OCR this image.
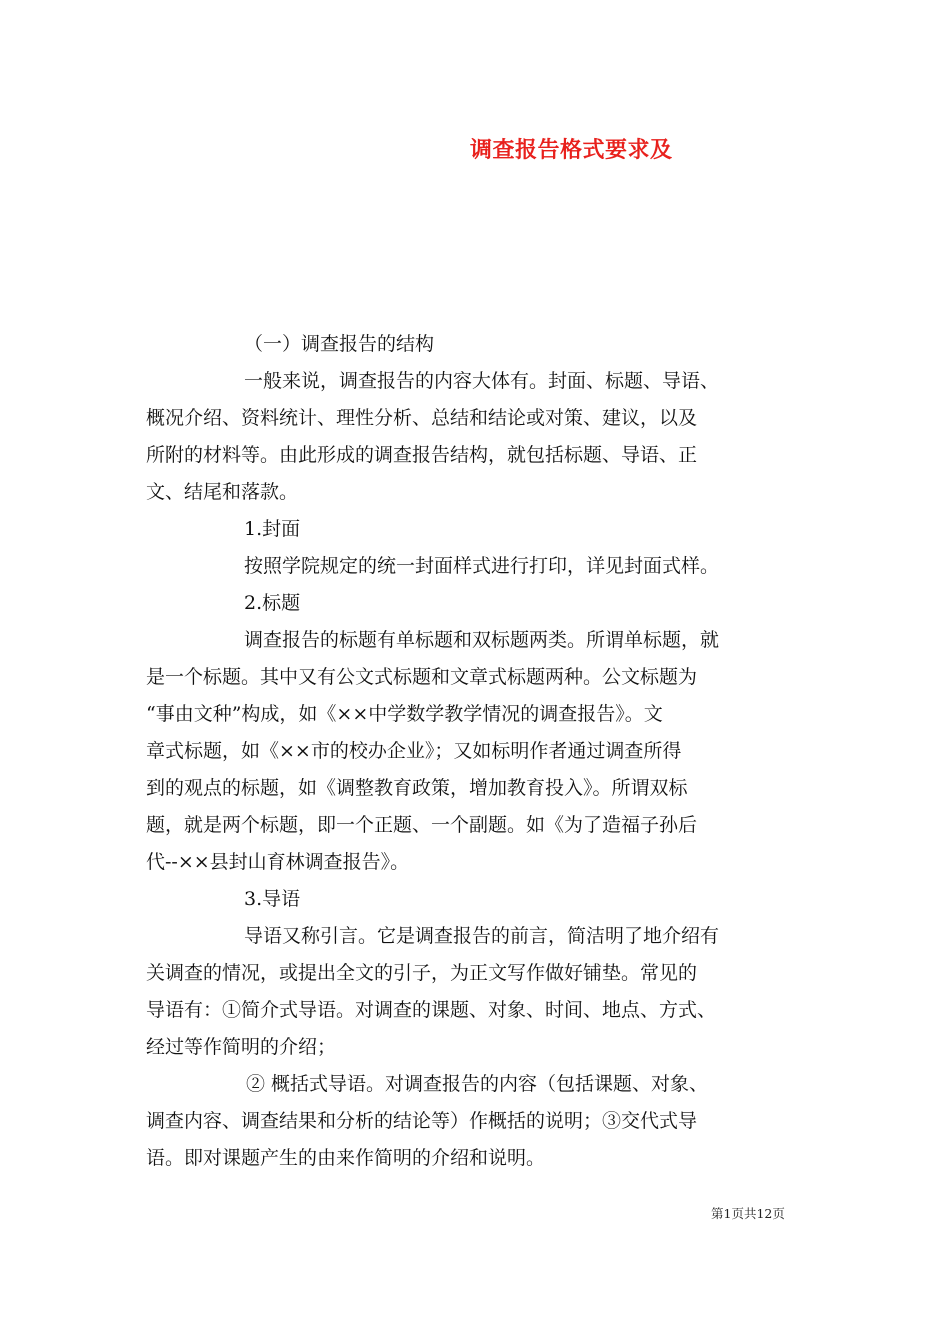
调查报告格式要求及
（一）调查报告的结构
一般来说，调查报告的内容大体有。封面、标题、导语、
概况介绍、资料统计、理性分析、总结和结论或对策、建议，以及
所附的材料等。由此形成的调查报告结构，就包括标题、导语、正
文、结尾和落款。
1.封面
按照学院规定的统一封面样式进行打印，详见封面式样。
2.标题
调查报告的标题有单标题和双标题两类。所谓单标题，就
是一个标题。其中又有公文式标题和文章式标题两种。公文标题为
“事由文种”构成，如《××中学数学教学情况的调查报告》。文
章式标题，如《××市的校办企业》；又如标明作者通过调查所得
到的观点的标题，如《调整教育政策，增加教育投入》。所谓双标
题，就是两个标题，即一个正题、一个副题。如《为了造福子孙后
代--××县封山育林调查报告》。
3.导语
导语又称引言。它是调查报告的前言，简洁明了地介绍有
关调查的情况，或提出全文的引子，为正文写作做好铺垫。常见的
导语有：①简介式导语。对调查的课题、对象、时间、地点、方式、
经过等作简明的介绍；
② 概括式导语。对调查报告的内容（包括课题、对象、
调查内容、调查结果和分析的结论等）作概括的说明；③交代式导
语。即对课题产生的由来作简明的介绍和说明。
第1页共12页
